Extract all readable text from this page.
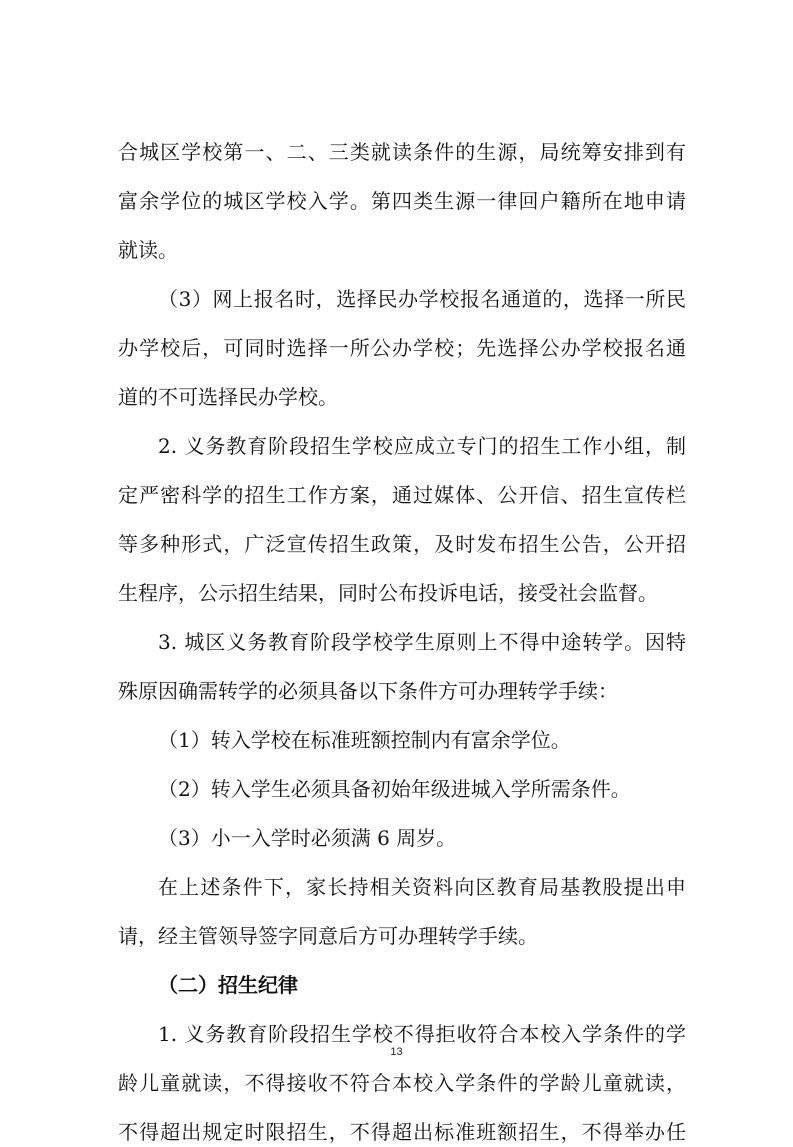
合城区学校第一、二、三类就读条件的生源，局统筹安排到有
富余学位的城区学校入学。第四类生源一律回户籍所在地申请
就读。
（3）网上报名时，选择民办学校报名通道的，选择一所民
办学校后，可同时选择一所公办学校；先选择公办学校报名通
道的不可选择民办学校。
2. 义务教育阶段招生学校应成立专门的招生工作小组，制
定严密科学的招生工作方案，通过媒体、公开信、招生宣传栏
等多种形式，广泛宣传招生政策，及时发布招生公告，公开招
生程序，公示招生结果，同时公布投诉电话，接受社会监督。
3. 城区义务教育阶段学校学生原则上不得中途转学。因特
殊原因确需转学的必须具备以下条件方可办理转学手续：
（1）转入学校在标准班额控制内有富余学位。
（2）转入学生必须具备初始年级进城入学所需条件。
（3）小一入学时必须满 6 周岁。
在上述条件下，家长持相关资料向区教育局基教股提出申
请，经主管领导签字同意后方可办理转学手续。
（二）招生纪律
1. 义务教育阶段招生学校不得拒收符合本校入学条件的学
龄儿童就读，不得接收不符合本校入学条件的学龄儿童就读，
不得超出规定时限招生，不得超出标准班额招生，不得举办任
13
